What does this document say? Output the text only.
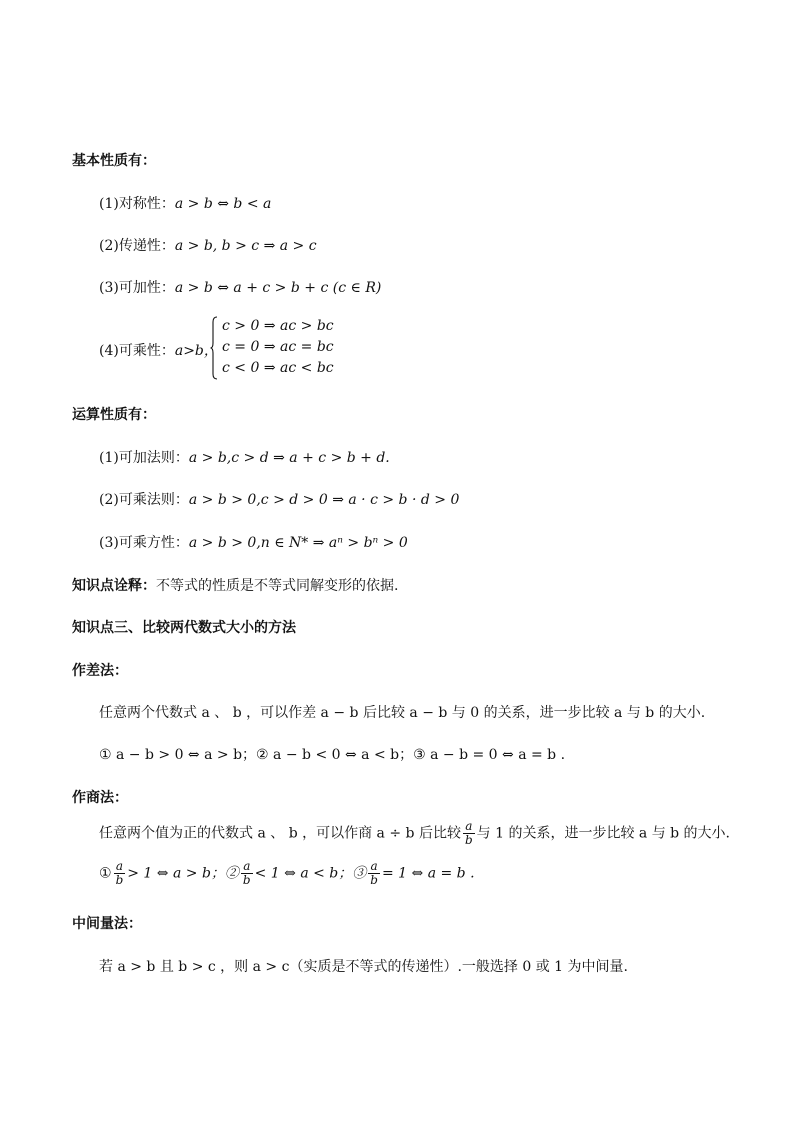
基本性质有：
(1)对称性：a > b ⇔ b < a
(2)传递性：a > b, b > c ⇒ a > c
(3)可加性：a > b ⇔ a + c > b + c (c ∈ R)
(4)可乘性：a>b，
c > 0 ⇒ ac > bc
c = 0 ⇒ ac = bc
c < 0 ⇒ ac < bc
运算性质有：
(1)可加法则：a > b,c > d ⇒ a + c > b + d.
(2)可乘法则：a > b > 0,c > d > 0 ⇒ a · c > b · d > 0
(3)可乘方性：a > b > 0,n ∈ N* ⇒ aⁿ > bⁿ > 0
知识点诠释：不等式的性质是不等式同解变形的依据.
知识点三、比较两代数式大小的方法
作差法：
任意两个代数式 a 、 b ，可以作差 a − b 后比较 a − b 与 0 的关系，进一步比较 a 与 b 的大小.
① a − b > 0 ⇔ a > b；② a − b < 0 ⇔ a < b；③ a − b = 0 ⇔ a = b .
作商法：
任意两个值为正的代数式 a 、 b ，可以作商 a ÷ b 后比较 $\frac{a}{b}$ 与 1 的关系，进一步比较 a 与 b 的大小.
① $\frac{a}{b} > 1$ ⇔ a > b；② $\frac{a}{b} < 1$ ⇔ a < b；③ $\frac{a}{b} = 1$ ⇔ a = b .
中间量法：
若 a > b 且 b > c ，则 a > c（实质是不等式的传递性）.一般选择 0 或 1 为中间量.
